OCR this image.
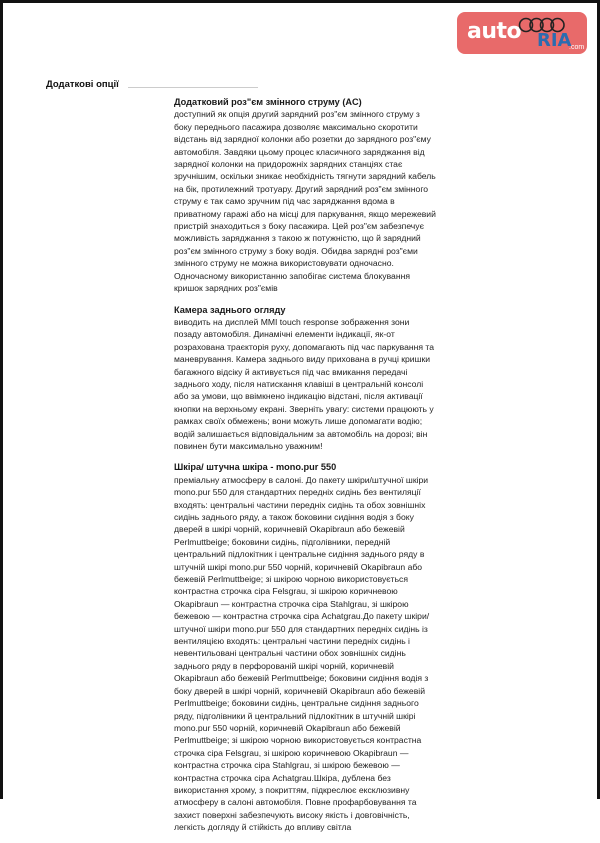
auto RIA
.com
Додаткові опції

Додатковий роз"єм змінного струму (AC)

доступний як опція другий зарядний роз"єм змінного струму з боку переднього пасажира дозволяє максимально скоротити відстань від зарядної колонки або розетки до зарядного роз"єму автомобіля. Завдяки цьому процес класичного заряджання від зарядної колонки на придорожніх зарядних станціях стає зручнішим, оскільки зникає необхідність тягнути зарядний кабель на бік, протилежний тротуару. Другий зарядний роз"єм змінного струму є так само зручним під час заряджання вдома в приватному гаражі або на місці для паркування, якщо мережевий пристрій знаходиться з боку пасажира. Цей роз"єм забезпечує можливість заряджання з такою ж потужністю, що й зарядний роз"єм змінного струму з боку водія. Обидва зарядні роз"єми змінного струму не можна використовувати одночасно. Одночасному використанню запобігає система блокування кришок зарядних роз"ємів

Камера заднього огляду

виводить на дисплей MMI touch response зображення зони позаду автомобіля. Динамічні елементи індикації, як-от розрахована траєкторія руху, допомагають під час паркування та маневрування. Камера заднього виду прихована в ручці кришки багажного відсіку й активується під час вмикання передачі заднього ходу, після натискання клавіші в центральній консолі або за умови, що ввімкнено індикацію відстані, після активації кнопки на верхньому екрані. Зверніть увагу: системи працюють у рамках своїх обмежень; вони можуть лише допомагати водію; водій залишається відповідальним за автомобіль на дорозі; він повинен бути максимально уважним!

Шкіра/ штучна шкіра - mono.pur 550

преміальну атмосферу в салоні. До пакету шкіри/штучної шкіри mono.pur 550 для стандартних передніх сидінь без вентиляції входять: центральні частини передніх сидінь та обох зовнішніх сидінь заднього ряду, а також боковини сидіння водія з боку дверей в шкірі чорній, коричневій Okapibraun або бежевій Perlmuttbeige; боковини сидінь, підголівники, передній центральний підлокітник і центральне сидіння заднього ряду в штучній шкірі mono.pur 550 чорній, коричневій Okapibraun або бежевій Perlmuttbeige; зі шкірою чорною використовується контрастна строчка сіра Felsgrau, зі шкірою коричневою Okapibraun — контрастна строчка сіра Stahlgrau, зі шкірою бежевою — контрастна строчка сіра Achatgrau.До пакету шкіри/штучної шкіри mono.pur 550 для стандартних передніх сидінь із вентиляцією входять: центральні частини передніх сидінь і невентильовані центральні частини обох зовнішніх сидінь заднього ряду в перфорованій шкірі чорній, коричневій Okapibraun або бежевій Perlmuttbeige; боковини сидіння водія з боку дверей в шкірі чорній, коричневій Okapibraun або бежевій Perlmuttbeige; боковини сидінь, центральне сидіння заднього ряду, підголівники й центральний підлокітник в штучній шкірі mono.pur 550 чорній, коричневій Okapibraun або бежевій Perlmuttbeige; зі шкірою чорною використовується контрастна строчка сіра Felsgrau, зі шкірою коричневою Okapibraun — контрастна строчка сіра Stahlgrau, зі шкірою бежевою — контрастна строчка сіра Achatgrau.Шкіра, дублена без використання хрому, з покриттям, підкреслює ексклюзивну атмосферу в салоні автомобіля. Повне профарбовування та захист поверхні забезпечують високу якість і довговічність, легкість догляду й стійкість до впливу світла
